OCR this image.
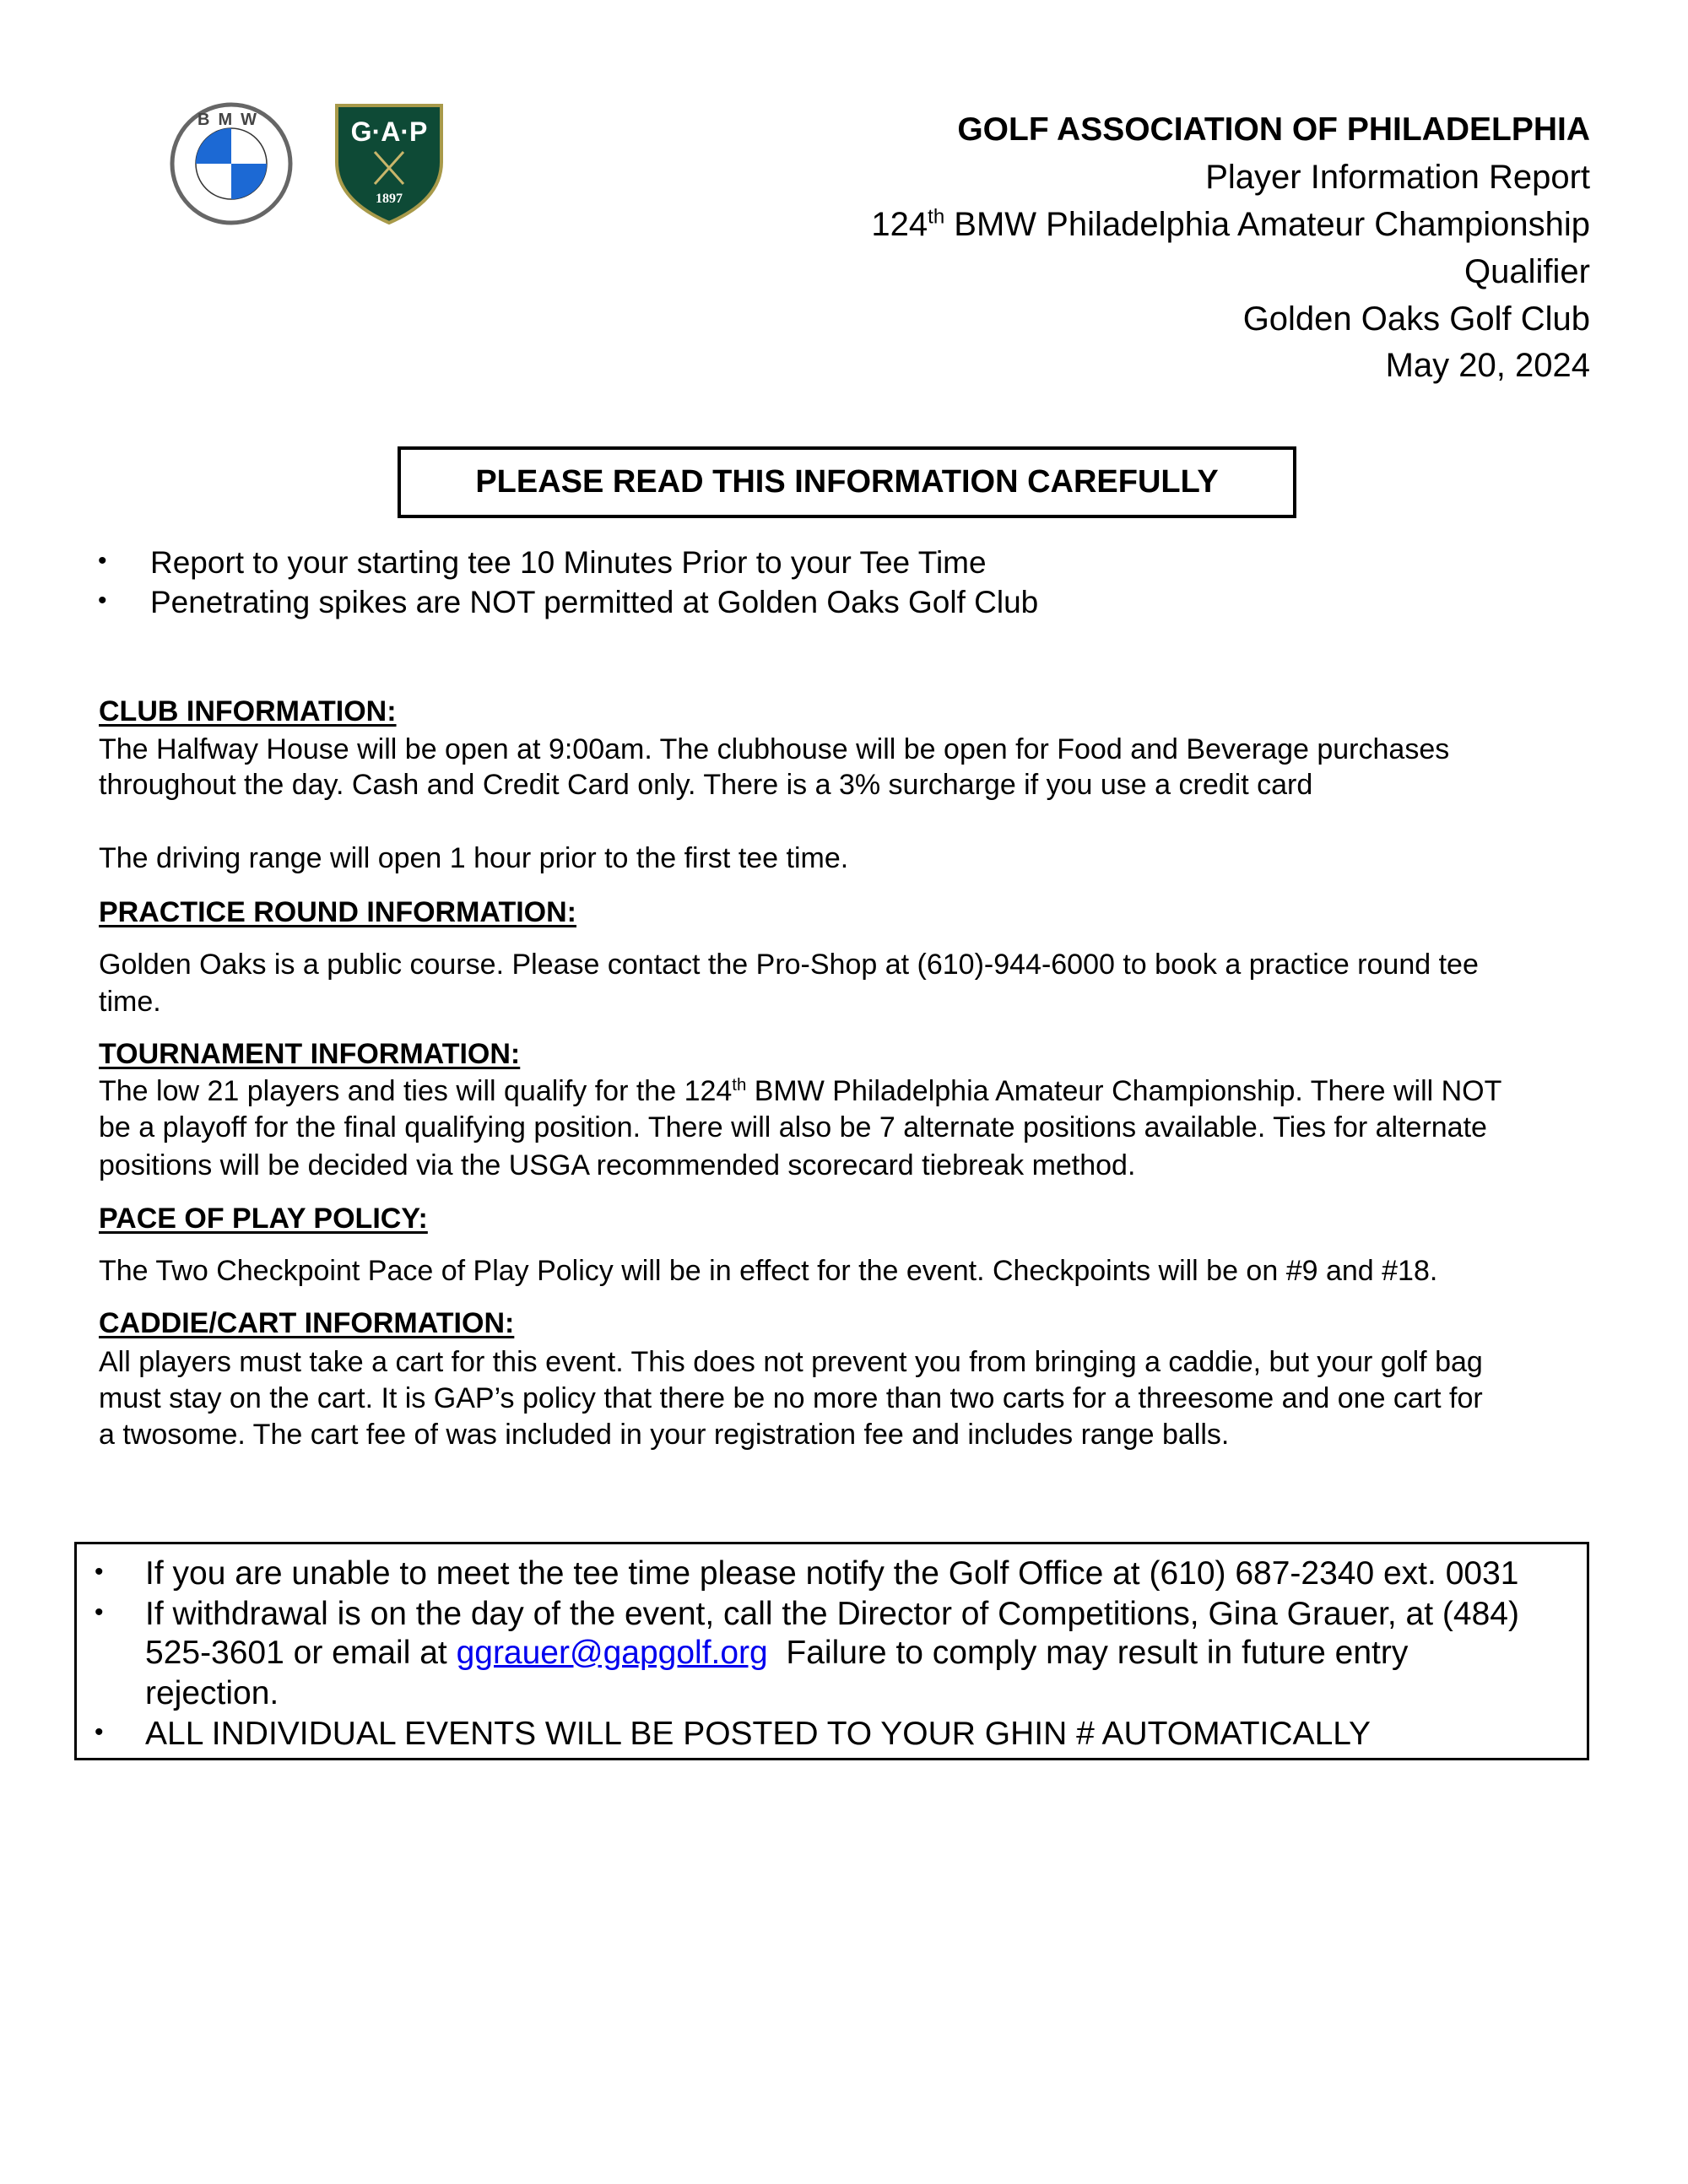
BMW	G·A·P
1897
GOLF ASSOCIATION OF PHILADELPHIA
Player Information Report
124th BMW Philadelphia Amateur Championship
Qualifier
Golden Oaks Golf Club
May 20, 2024
PLEASE READ THIS INFORMATION CAREFULLY
• Report to your starting tee 10 Minutes Prior to your Tee Time
• Penetrating spikes are NOT permitted at Golden Oaks Golf Club
CLUB INFORMATION:
The Halfway House will be open at 9:00am. The clubhouse will be open for Food and Beverage purchases
throughout the day. Cash and Credit Card only. There is a 3% surcharge if you use a credit card
The driving range will open 1 hour prior to the first tee time.
PRACTICE ROUND INFORMATION:
Golden Oaks is a public course. Please contact the Pro-Shop at (610)-944-6000 to book a practice round tee
time.
TOURNAMENT INFORMATION:
The low 21 players and ties will qualify for the 124th BMW Philadelphia Amateur Championship. There will NOT
be a playoff for the final qualifying position. There will also be 7 alternate positions available. Ties for alternate
positions will be decided via the USGA recommended scorecard tiebreak method.
PACE OF PLAY POLICY:
The Two Checkpoint Pace of Play Policy will be in effect for the event. Checkpoints will be on #9 and #18.
CADDIE/CART INFORMATION:
All players must take a cart for this event. This does not prevent you from bringing a caddie, but your golf bag
must stay on the cart. It is GAP’s policy that there be no more than two carts for a threesome and one cart for
a twosome. The cart fee of was included in your registration fee and includes range balls.
• If you are unable to meet the tee time please notify the Golf Office at (610) 687-2340 ext. 0031
• If withdrawal is on the day of the event, call the Director of Competitions, Gina Grauer, at (484)
525-3601 or email at ggrauer@gapgolf.org  Failure to comply may result in future entry
rejection.
• ALL INDIVIDUAL EVENTS WILL BE POSTED TO YOUR GHIN # AUTOMATICALLY
